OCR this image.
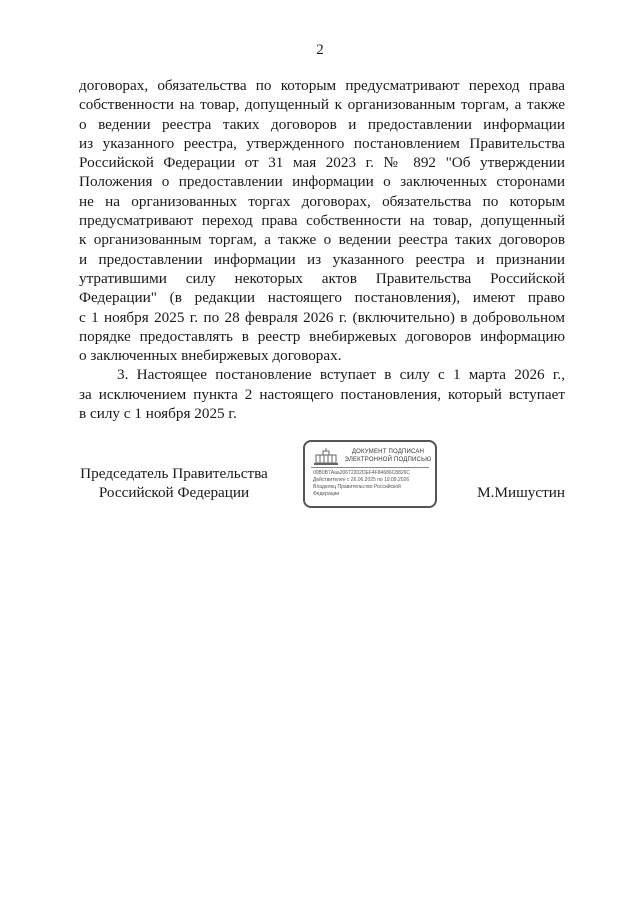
2
договорах, обязательства по которым предусматривают переход права
собственности на товар, допущенный к организованным торгам, а также
о ведении реестра таких договоров и предоставлении информации
из указанного реестра, утвержденного постановлением Правительства
Российской Федерации от 31 мая 2023 г. № 892 "Об утверждении
Положения о предоставлении информации о заключенных сторонами
не на организованных торгах договорах, обязательства по которым
предусматривают переход права собственности на товар, допущенный
к организованным торгам, а также о ведении реестра таких договоров
и предоставлении информации из указанного реестра и признании
утратившими силу некоторых актов Правительства Российской
Федерации" (в редакции настоящего постановления), имеют право
с 1 ноября 2025 г. по 28 февраля 2026 г. (включительно) в добровольном
порядке предоставлять в реестр внебиржевых договоров информацию
о заключенных внебиржевых договорах.
3. Настоящее постановление вступает в силу с 1 марта 2026 г.,
за исключением пункта 2 настоящего постановления, который вступает
в силу с 1 ноября 2025 г.
Председатель Правительства
Российской Федерации
ДОКУМЕНТ ПОДПИСАН
ЭЛЕКТРОННОЙ ПОДПИСЬЮ
00B0B7Aaa20672202DEF4F84686C8826C
Действителен с 26.06.2025 по 19.09.2026
Владелец Правительство Российской
Федерации	М.Мишустин
